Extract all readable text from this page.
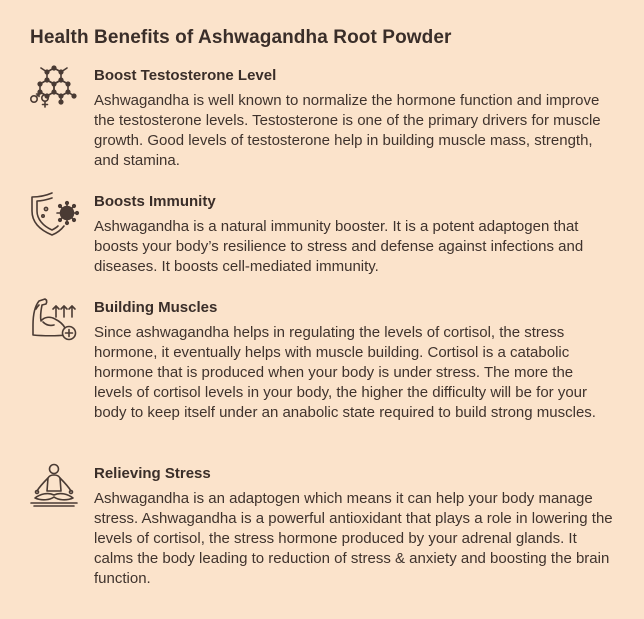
Health Benefits of Ashwagandha Root Powder
Boost Testosterone Level

Ashwagandha is well known to normalize the hormone function and improve the testosterone levels. Testosterone is one of the primary drivers for muscle growth. Good levels of testosterone help in building muscle mass, strength, and stamina.

Boosts Immunity

Ashwagandha is a natural immunity booster. It is a potent adaptogen that boosts your body’s resilience to stress and defense against infections and diseases. It boosts cell-mediated immunity.

Building Muscles

Since ashwagandha helps in regulating the levels of cortisol, the stress hormone, it eventually helps with muscle building. Cortisol is a catabolic hormone that is produced when your body is under stress. The more the levels of cortisol levels in your body, the higher the difficulty will be for your body to keep itself under an anabolic state required to build strong muscles.

Relieving Stress

Ashwagandha is an adaptogen which means it can help your body manage stress. Ashwagandha is a powerful antioxidant that plays a role in lowering the levels of cortisol, the stress hormone produced by your adrenal glands. It calms the body leading to reduction of stress & anxiety and boosting the brain function.
